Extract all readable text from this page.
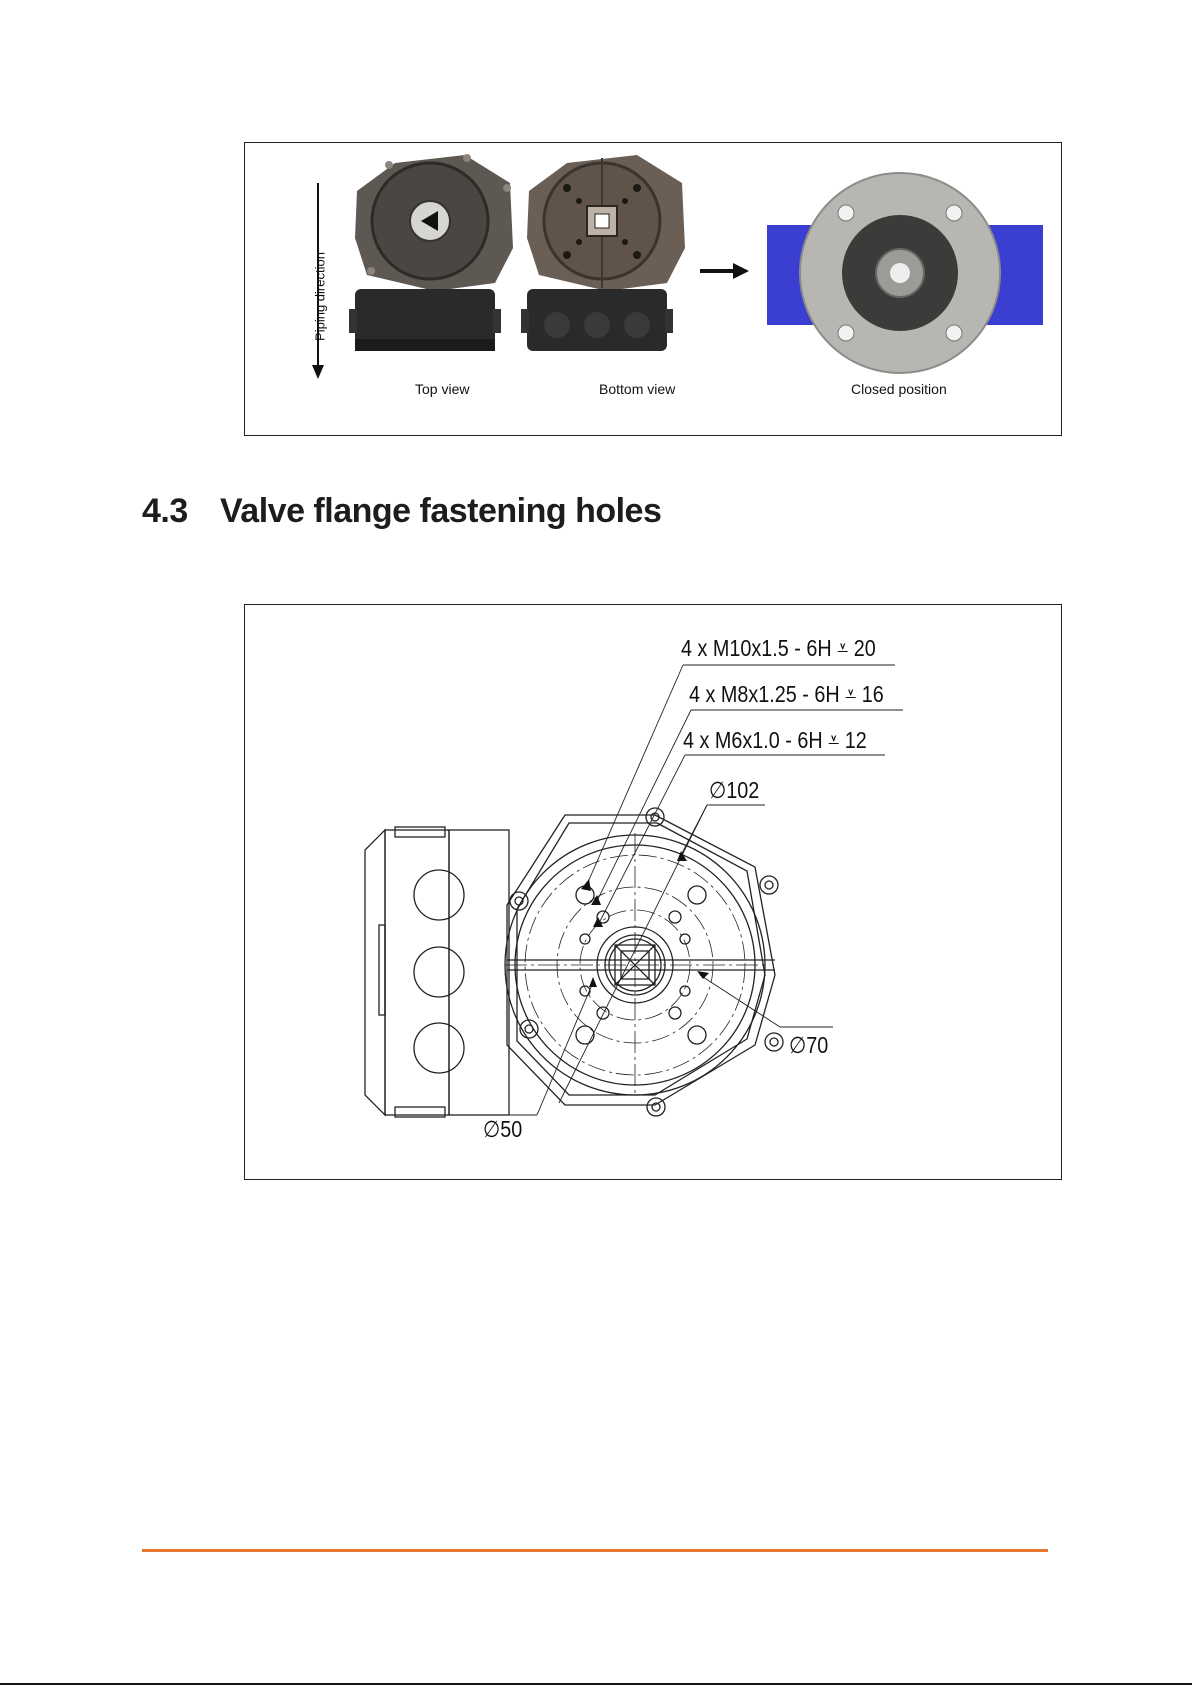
Piping direction
Top view	Bottom view	Closed position
4.3 Valve flange fastening holes
4 x M10x1.5 - 6H ⩡ 20
4 x M8x1.25 - 6H ⩡ 16
4 x M6x1.0 - 6H ⩡ 12
∅102
∅70
∅50
